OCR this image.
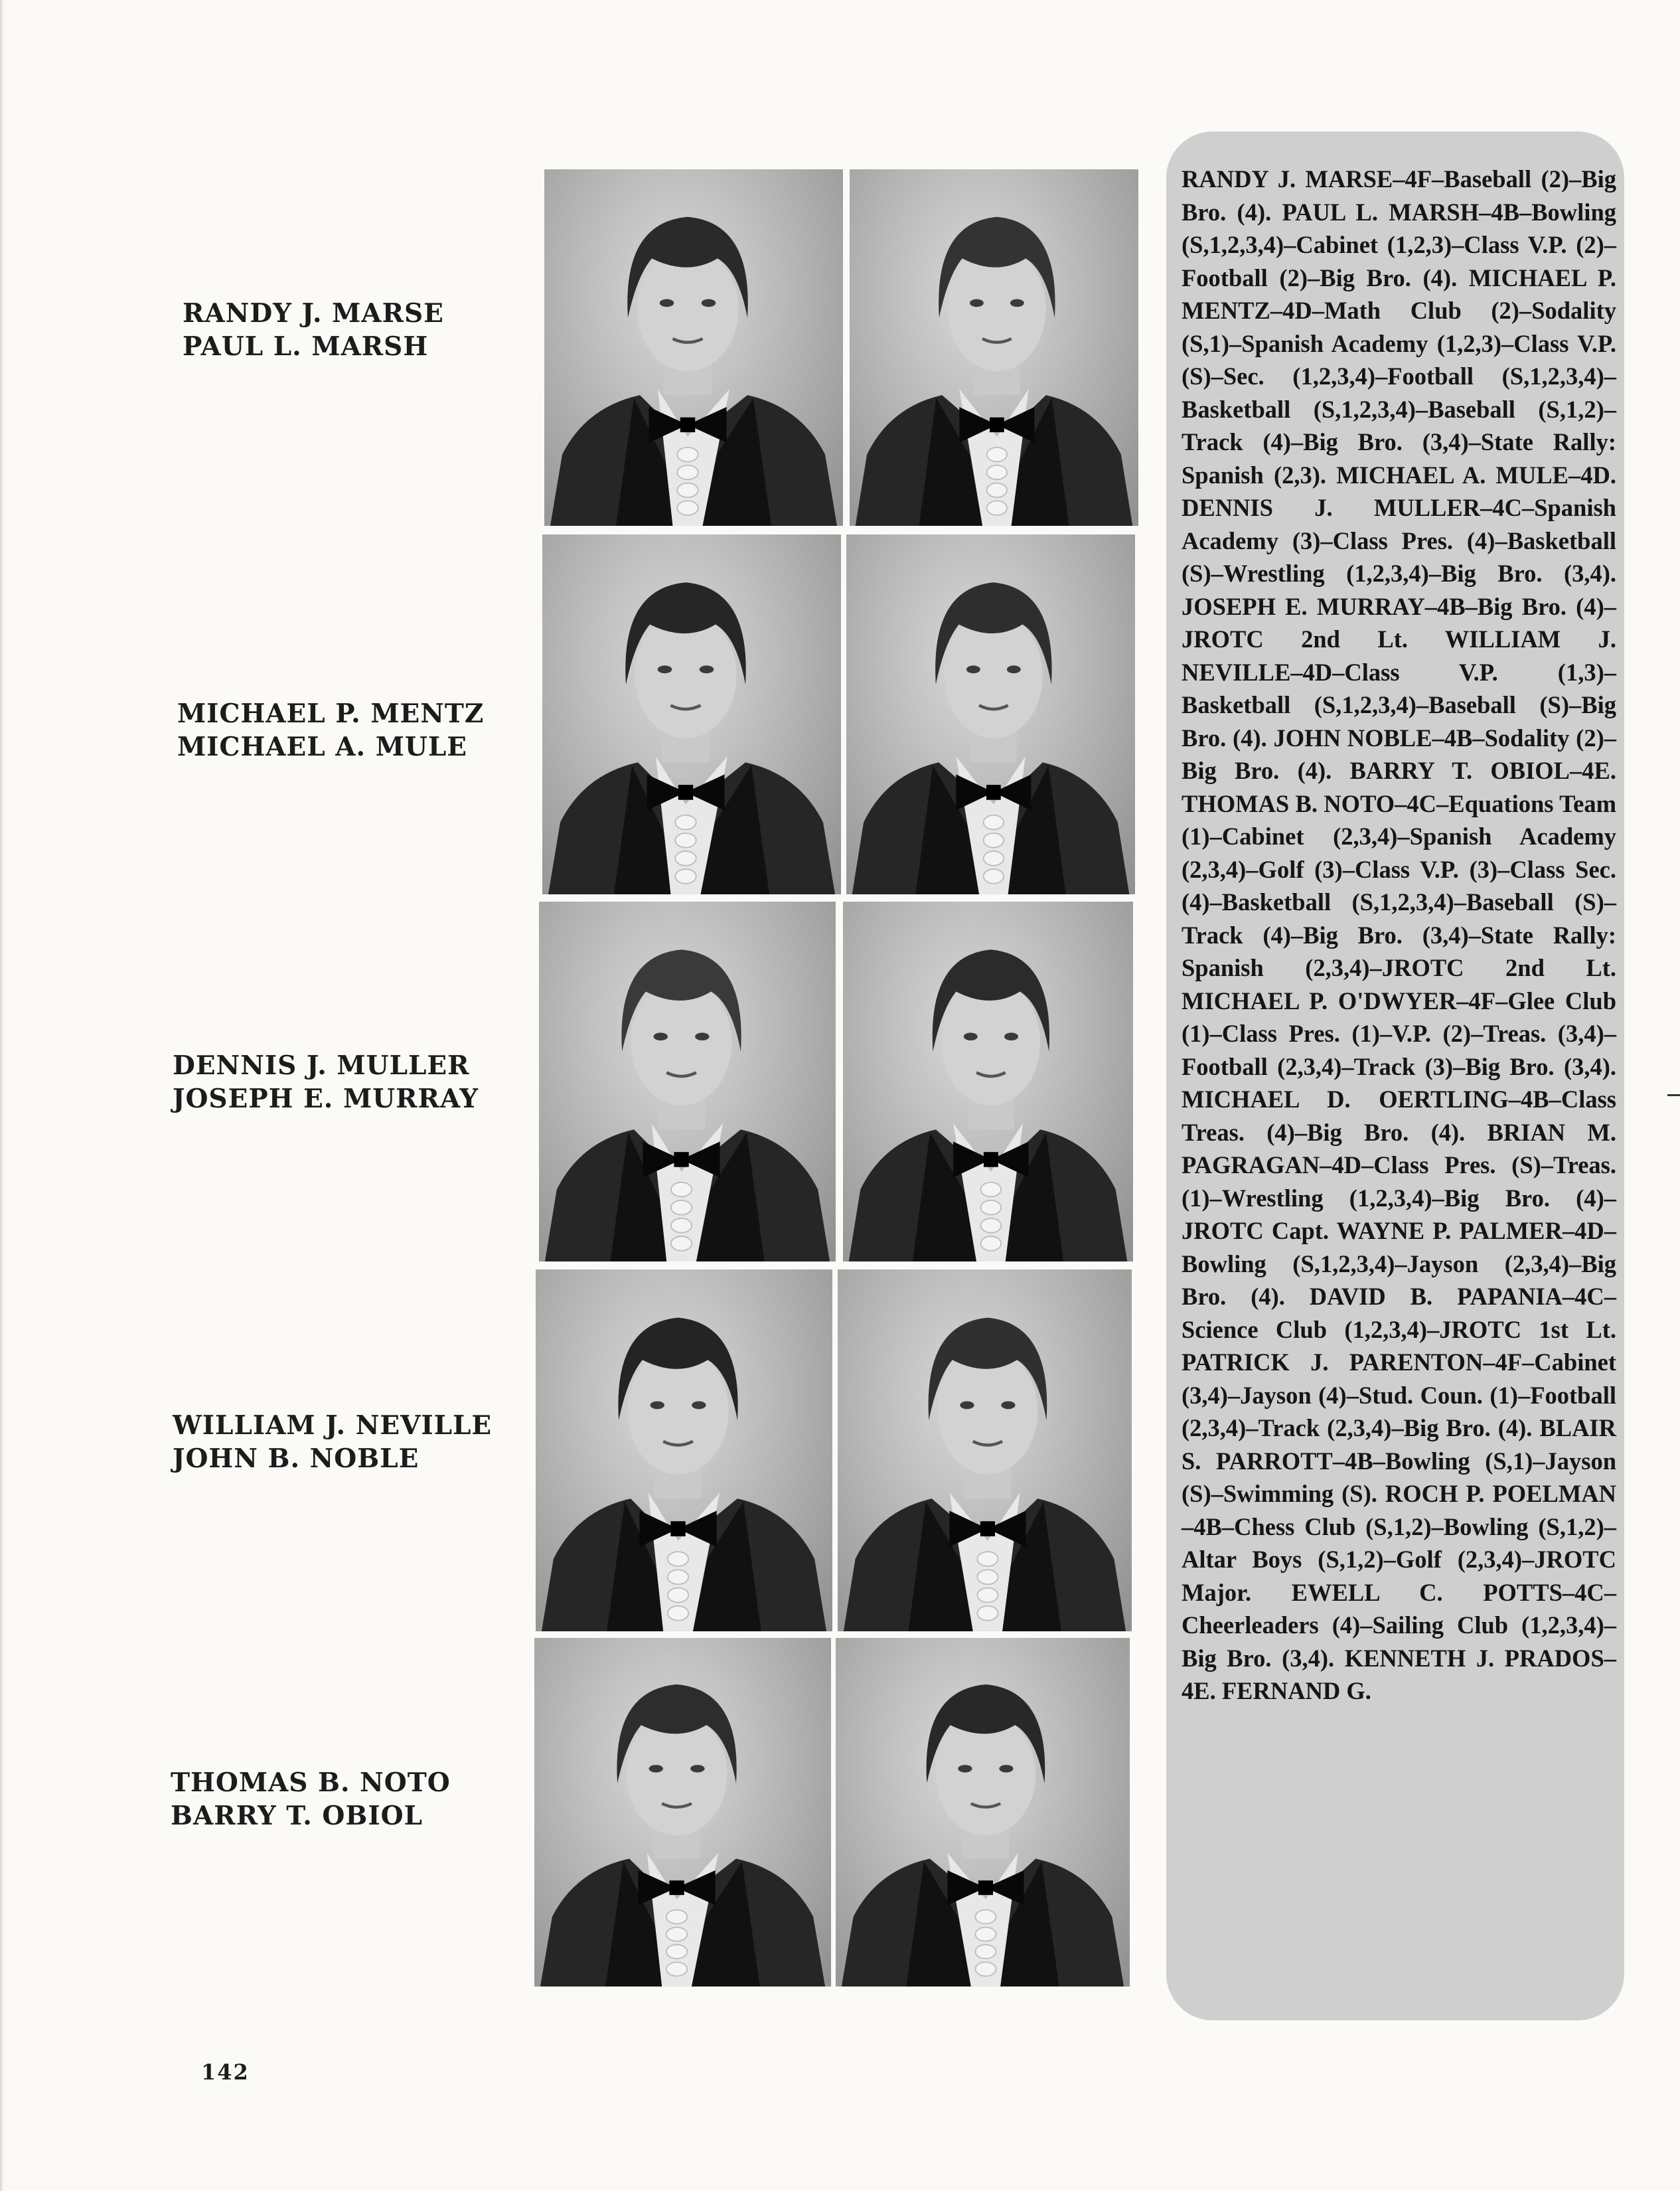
RANDY J. MARSE
PAUL L. MARSH
MICHAEL P. MENTZ
MICHAEL A. MULE
DENNIS J. MULLER
JOSEPH E. MURRAY
WILLIAM J. NEVILLE
JOHN B. NOBLE
THOMAS B. NOTO
BARRY T. OBIOL

RANDY J. MARSE–4F–Baseball (2)–Big Bro. (4). PAUL L. MARSH–4B–Bowling (S,1,2,3,4)–Cabinet (1,2,3)–Class V.P. (2)–Football (2)–Big Bro. (4). MICHAEL P. MENTZ–4D–Math Club (2)–Sodality (S,1)–Spanish Academy (1,2,3)–Class V.P. (S)–Sec. (1,2,3,4)–Football (S,1,2,3,4)–Basketball (S,1,2,3,4)–Baseball (S,1,2)–Track (4)–Big Bro. (3,4)–State Rally: Spanish (2,3). MICHAEL A. MULE–4D. DENNIS J. MULLER–4C–Spanish Academy (3)–Class Pres. (4)–Basketball (S)–Wrestling (1,2,3,4)–Big Bro. (3,4). JOSEPH E. MURRAY–4B–Big Bro. (4)–JROTC 2nd Lt. WILLIAM J. NEVILLE–4D–Class V.P. (1,3)–Basketball (S,1,2,3,4)–Baseball (S)–Big Bro. (4). JOHN NOBLE–4B–Sodality (2)–Big Bro. (4). BARRY T. OBIOL–4E. THOMAS B. NOTO–4C–Equations Team (1)–Cabinet (2,3,4)–Spanish Academy (2,3,4)–Golf (3)–Class V.P. (3)–Class Sec. (4)–Basketball (S,1,2,3,4)–Baseball (S)–Track (4)–Big Bro. (3,4)–State Rally: Spanish (2,3,4)–JROTC 2nd Lt. MICHAEL P. O'DWYER–4F–Glee Club (1)–Class Pres. (1)–V.P. (2)–Treas. (3,4)–Football (2,3,4)–Track (3)–Big Bro. (3,4). MICHAEL D. OERTLING–4B–Class Treas. (4)–Big Bro. (4). BRIAN M. PAGRAGAN–4D–Class Pres. (S)–Treas. (1)–Wrestling (1,2,3,4)–Big Bro. (4)–JROTC Capt. WAYNE P. PALMER–4D–Bowling (S,1,2,3,4)–Jayson (2,3,4)–Big Bro. (4). DAVID B. PAPANIA–4C–Science Club (1,2,3,4)–JROTC 1st Lt. PATRICK J. PARENTON–4F–Cabinet (3,4)–Jayson (4)–Stud. Coun. (1)–Football (2,3,4)–Track (2,3,4)–Big Bro. (4). BLAIR S. PARROTT–4B–Bowling (S,1)–Jayson (S)–Swimming (S). ROCH P. POELMAN –4B–Chess Club (S,1,2)–Bowling (S,1,2)–Altar Boys (S,1,2)–Golf (2,3,4)–JROTC Major. EWELL C. POTTS–4C–Cheerleaders (4)–Sailing Club (1,2,3,4)–Big Bro. (3,4). KENNETH J. PRADOS–4E. FERNAND G.

142
